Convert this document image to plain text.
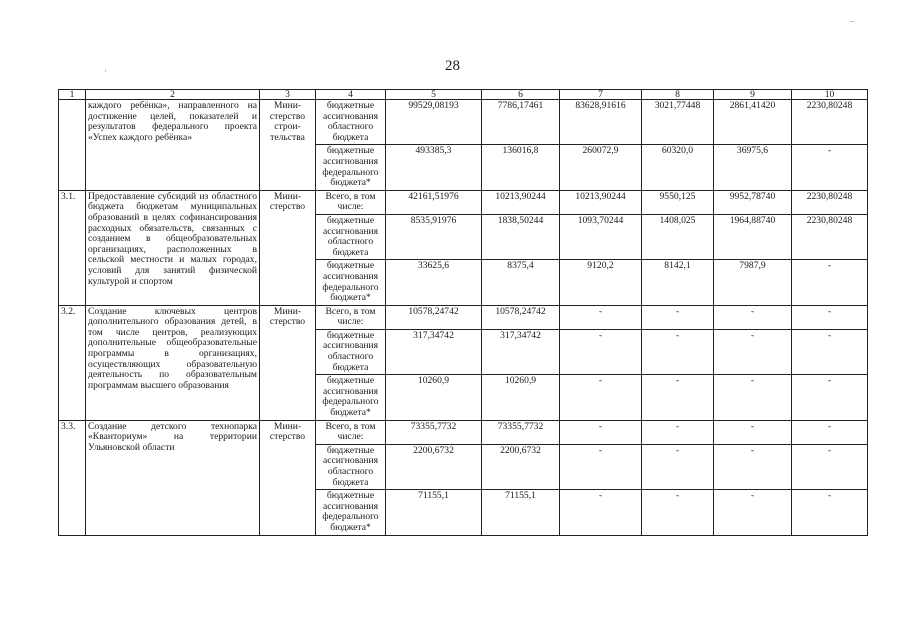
28
·
–
1	2	3	4	5	6	7	8	9	10
	каждого ребёнка», направленного на достижение целей, показателей и результатов федерального проекта «Успех каждого ребёнка»	Мини-стерство строи-тельства	бюджетные ассигнования областного бюджета	99529,08193	7786,17461	83628,91616	3021,77448	2861,41420	2230,80248
			бюджетные ассигнования федерального бюджета*	493385,3	136016,8	260072,9	60320,0	36975,6	-
3.1.	Предоставление субсидий из областного бюджета бюджетам муниципальных образований в целях софинансирования расходных обязательств, связанных с созданием в общеобразовательных организациях, расположенных в сельской местности и малых городах, условий для занятий физической культурой и спортом	Мини-стерство	Всего, в том числе:	42161,51976	10213,90244	10213,90244	9550,125	9952,78740	2230,80248
			бюджетные ассигнования областного бюджета	8535,91976	1838,50244	1093,70244	1408,025	1964,88740	2230,80248
			бюджетные ассигнования федерального бюджета*	33625,6	8375,4	9120,2	8142,1	7987,9	-
3.2.	Создание ключевых центров дополнительного образования детей, в том числе центров, реализующих дополнительные общеобразовательные программы в организациях, осуществляющих образовательную деятельность по образовательным программам высшего образования	Мини-стерство	Всего, в том числе:	10578,24742	10578,24742	-	-	-	-
			бюджетные ассигнования областного бюджета	317,34742	317,34742	-	-	-	-
			бюджетные ассигнования федерального бюджета*	10260,9	10260,9	-	-	-	-
3.3.	Создание детского технопарка «Кванториум» на территории Ульяновской области	Мини-стерство	Всего, в том числе:	73355,7732	73355,7732	-	-	-	-
			бюджетные ассигнования областного бюджета	2200,6732	2200,6732	-	-	-	-
			бюджетные ассигнования федерального бюджета*	71155,1	71155,1	-	-	-	-
